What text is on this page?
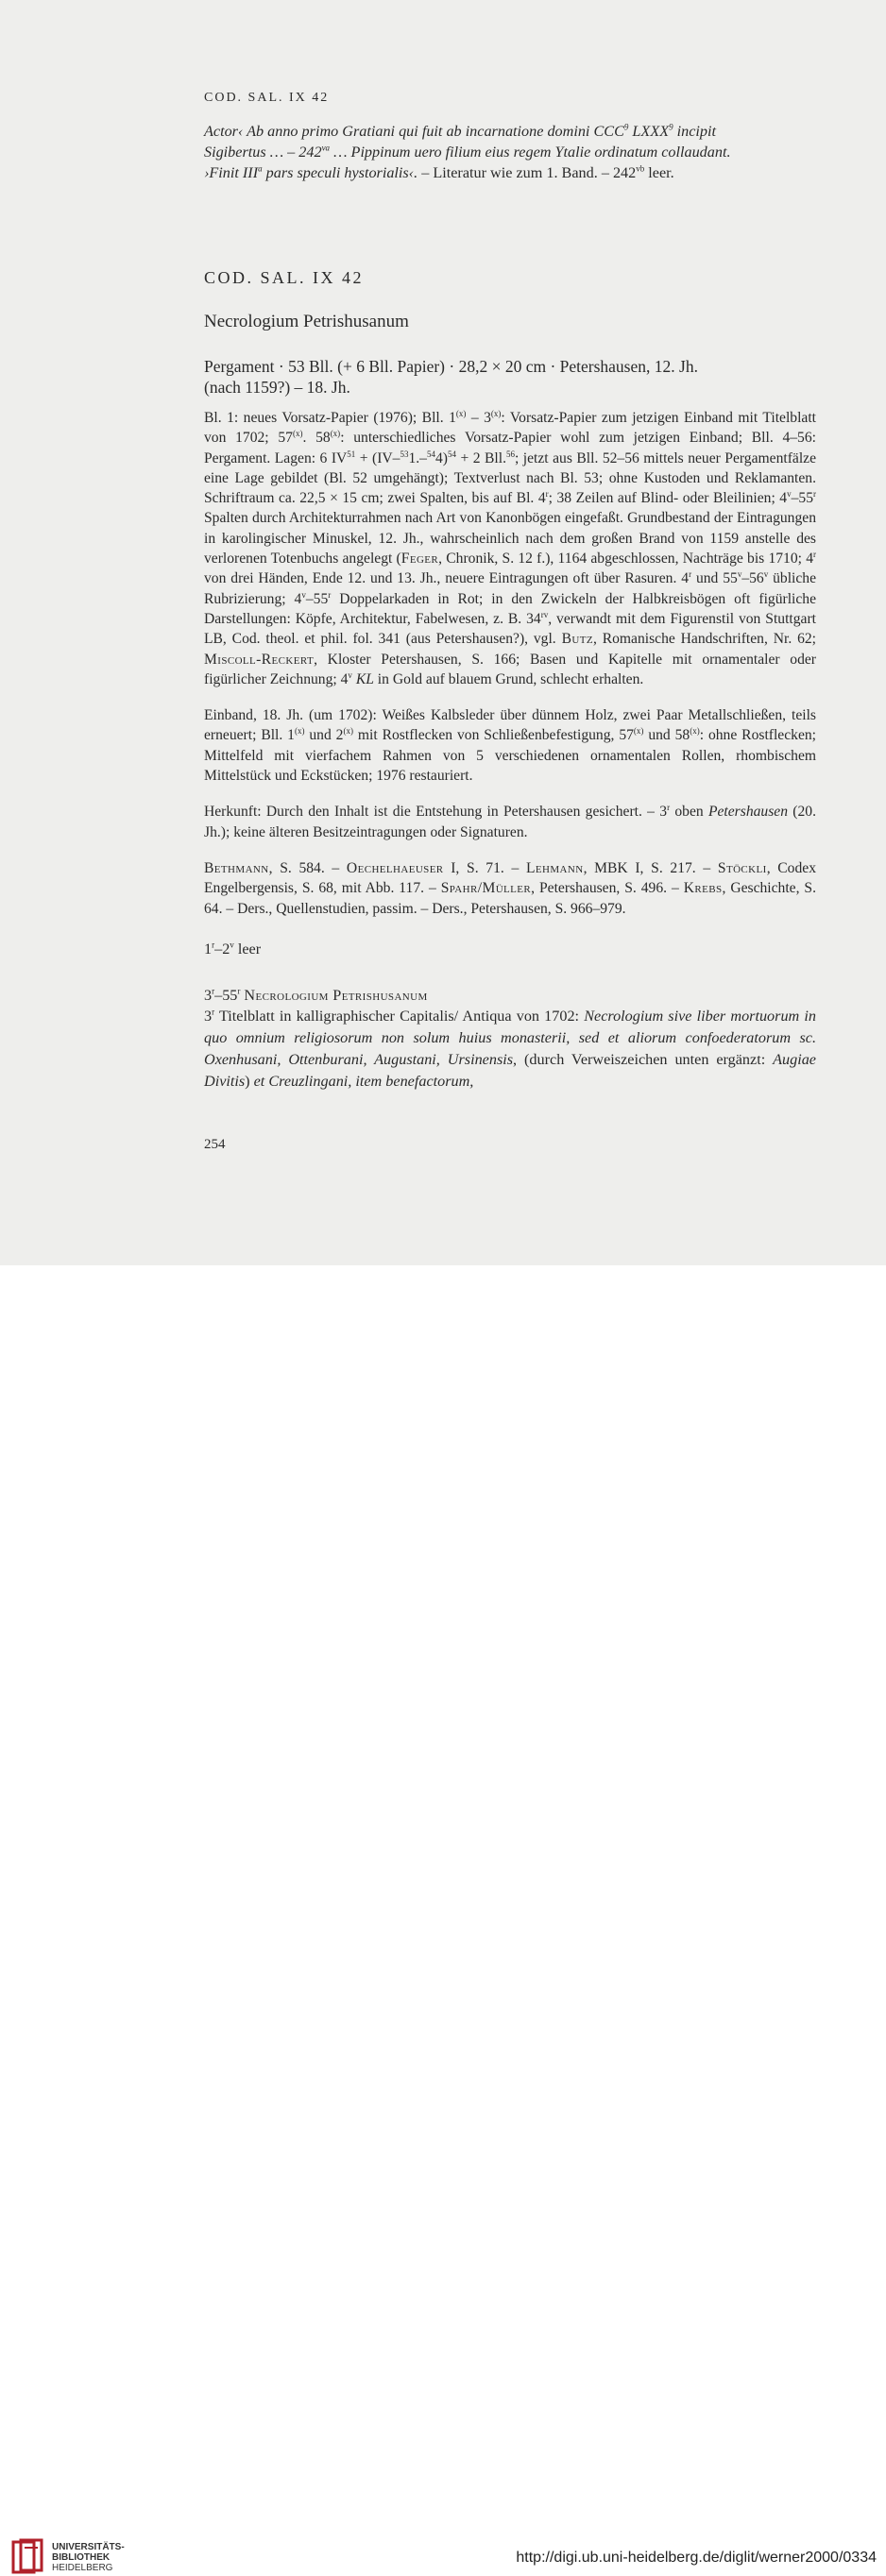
COD. SAL. IX 42

Actor‹ Ab anno primo Gratiani qui fuit ab incarnatione domini CCC$^9$ LXXX$^9$ incipit

Sigibertus … – $242^{va}$ … Pippinum uero filium eius regem Ytalie ordinatum collaudant.

›Finit III$^a$ pars speculi hystorialis‹. – Literatur wie zum 1. Band. – $242^{vb}$ leer.

COD. SAL. IX 42
Necrologium Petrishusanum
Pergament · 53 Bll. (+ 6 Bll. Papier) · 28,2 × 20 cm · Petershausen, 12. Jh.
(nach 1159?) – 18. Jh.

Bl. 1: neues Vorsatz-Papier (1976); Bll. 1$^{(x)}$ – 3$^{(x)}$: Vorsatz-Papier zum jetzigen Einband mit Titelblatt von 1702; 57$^{(x)}$. 58$^{(x)}$: unterschiedliches Vorsatz-Papier wohl zum jetzigen Einband; Bll. 4–56: Pergament. Lagen: 6 $IV^{51} + (IV-^{53}1.-^{54}4)^{54} + 2$ Bll.$^{56}$; jetzt aus Bll. 52–56 mittels neuer Pergamentfälze eine Lage gebildet (Bl. 52 umgehängt); Textverlust nach Bl. 53; ohne Kustoden und Reklamanten. Schriftraum ca. 22,5 × 15 cm; zwei Spalten, bis auf Bl. 4$^r$; 38 Zeilen auf Blind- oder Bleilinien; 4$^v$–55$^r$ Spalten durch Architekturrahmen nach Art von Kanonbögen eingefaßt. Grundbestand der Eintragungen in karolingischer Minuskel, 12. Jh., wahrscheinlich nach dem großen Brand von 1159 anstelle des verlorenen Totenbuchs angelegt (Feger, Chronik, S. 12 f.), 1164 abgeschlossen, Nachträge bis 1710; 4$^r$ von drei Händen, Ende 12. und 13. Jh., neuere Eintragungen oft über Rasuren. 4$^r$ und 55$^v$–56$^v$ übliche Rubrizierung; 4$^v$–55$^r$ Doppelarkaden in Rot; in den Zwickeln der Halbkreisbögen oft figürliche Darstellungen: Köpfe, Architektur, Fabelwesen, z. B. $34^{rv}$, verwandt mit dem Figurenstil von Stuttgart LB, Cod. theol. et phil. fol. 341 (aus Petershausen?), vgl. Butz, Romanische Handschriften, Nr. 62; Miscoll-Reckert, Kloster Petershausen, S. 166; Basen und Kapitelle mit ornamentaler oder figürlicher Zeichnung; 4$^v$ KL in Gold auf blauem Grund, schlecht erhalten.

Einband, 18. Jh. (um 1702): Weißes Kalbsleder über dünnem Holz, zwei Paar Metallschließen, teils erneuert; Bll. 1$^{(x)}$ und 2$^{(x)}$ mit Rostflecken von Schließenbefestigung, 57$^{(x)}$ und 58$^{(x)}$: ohne Rostflecken; Mittelfeld mit vierfachem Rahmen von 5 verschiedenen ornamentalen Rollen, rhombischem Mittelstück und Eckstücken; 1976 restauriert.

Herkunft: Durch den Inhalt ist die Entstehung in Petershausen gesichert. – 3$^r$ oben Petershausen (20. Jh.); keine älteren Besitzeintragungen oder Signaturen.

Bethmann, S. 584. – Oechelhaeuser I, S. 71. – Lehmann, MBK I, S. 217. – Stöckli, Codex Engelbergensis, S. 68, mit Abb. 117. – Spahr/Müller, Petershausen, S. 496. – Krebs, Geschichte, S. 64. – Ders., Quellenstudien, passim. – Ders., Petershausen, S. 966–979.

1$^r$–2$^v$ leer

3$^r$–55$^r$ Necrologium Petrishusanum

3$^r$ Titelblatt in kalligraphischer Capitalis/ Antiqua von 1702: Necrologium sive liber mortuorum in quo omnium religiosorum non solum huius monasterii, sed et aliorum confoederatorum sc. Oxenhusani, Ottenburani, Augustani, Ursinensis, (durch Verweiszeichen unten ergänzt: Augiae Divitis) et Creuzlingani, item benefactorum,

254
UNIVERSITÄTS-
BIBLIOTHEK
HEIDELBERG
http://digi.ub.uni-heidelberg.de/diglit/werner2000/0334
